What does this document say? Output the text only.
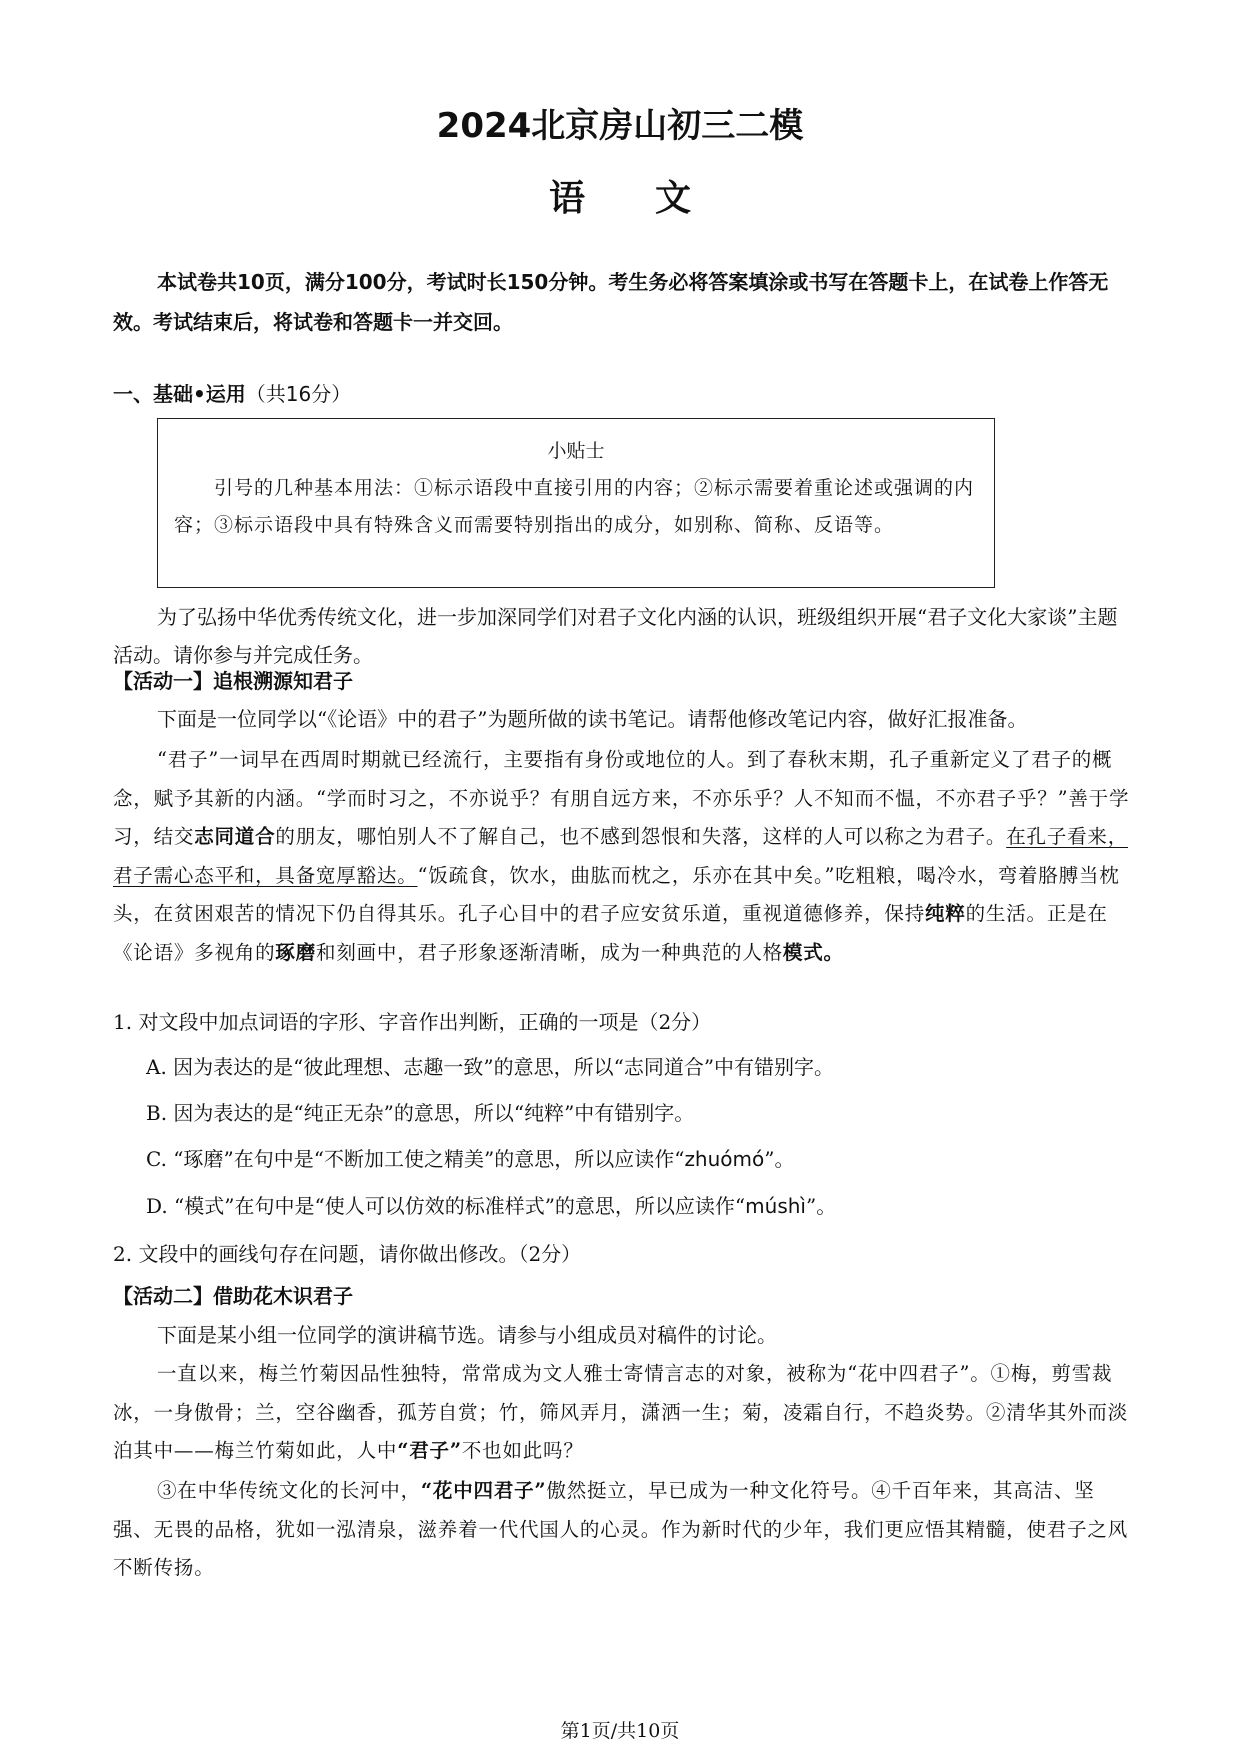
2024北京房山初三二模
语文
本试卷共10页，满分100分，考试时长150分钟。考生务必将答案填涂或书写在答题卡上，在试卷上作答无效。考试结束后，将试卷和答题卡一并交回。
一、基础•运用（共16分）
小贴士
引号的几种基本用法：①标示语段中直接引用的内容；②标示需要着重论述或强调的内容；③标示语段中具有特殊含义而需要特别指出的成分，如别称、简称、反语等。
为了弘扬中华优秀传统文化，进一步加深同学们对君子文化内涵的认识，班级组织开展“君子文化大家谈”主题活动。请你参与并完成任务。
【活动一】追根溯源知君子
下面是一位同学以“《论语》中的君子”为题所做的读书笔记。请帮他修改笔记内容，做好汇报准备。
“君子”一词早在西周时期就已经流行，主要指有身份或地位的人。到了春秋末期，孔子重新定义了君子的概念，赋予其新的内涵。“学而时习之，不亦说乎？有朋自远方来，不亦乐乎？人不知而不愠，不亦君子乎？”善于学习，结交志同道合的朋友，哪怕别人不了解自己，也不感到怨恨和失落，这样的人可以称之为君子。在孔子看来，君子需心态平和，具备宽厚豁达。“饭疏食，饮水，曲肱而枕之，乐亦在其中矣。”吃粗粮，喝冷水，弯着胳膊当枕头，在贫困艰苦的情况下仍自得其乐。孔子心目中的君子应安贫乐道，重视道德修养，保持纯粹的生活。正是在《论语》多视角的琢磨和刻画中，君子形象逐渐清晰，成为一种典范的人格模式。
1. 对文段中加点词语的字形、字音作出判断，正确的一项是（2分）
A. 因为表达的是“彼此理想、志趣一致”的意思，所以“志同道合”中有错别字。
B. 因为表达的是“纯正无杂”的意思，所以“纯粹”中有错别字。
C. “琢磨”在句中是“不断加工使之精美”的意思，所以应读作“zhuómó”。
D. “模式”在句中是“使人可以仿效的标准样式”的意思，所以应读作“múshì”。
2. 文段中的画线句存在问题，请你做出修改。（2分）
【活动二】借助花木识君子
下面是某小组一位同学的演讲稿节选。请参与小组成员对稿件的讨论。
一直以来，梅兰竹菊因品性独特，常常成为文人雅士寄情言志的对象，被称为“花中四君子”。①梅，剪雪裁冰，一身傲骨；兰，空谷幽香，孤芳自赏；竹，筛风弄月，潇洒一生；菊，凌霜自行，不趋炎势。②清华其外而淡泊其中——梅兰竹菊如此，人中“君子”不也如此吗？
③在中华传统文化的长河中，“花中四君子”傲然挺立，早已成为一种文化符号。④千百年来，其高洁、坚强、无畏的品格，犹如一泓清泉，滋养着一代代国人的心灵。作为新时代的少年，我们更应悟其精髓，使君子之风不断传扬。
第1页/共10页
